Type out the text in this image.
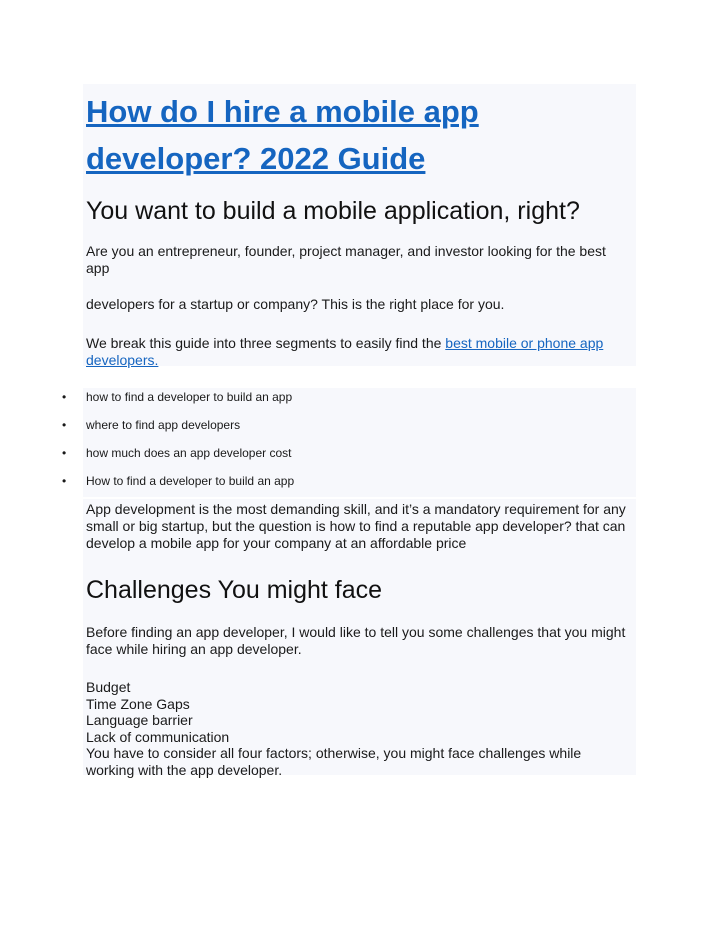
How do I hire a mobile app developer? 2022 Guide
You want to build a mobile application, right?

Are you an entrepreneur, founder, project manager, and investor looking for the best app

developers for a startup or company? This is the right place for you.

We break this guide into three segments to easily find the best mobile or phone app developers.

• how to find a developer to build an app
• where to find app developers
• how much does an app developer cost
• How to find a developer to build an app

App development is the most demanding skill, and it’s a mandatory requirement for any small or big startup, but the question is how to find a reputable app developer? that can develop a mobile app for your company at an affordable price

Challenges You might face

Before finding an app developer, I would like to tell you some challenges that you might face while hiring an app developer.

Budget
Time Zone Gaps
Language barrier
Lack of communication
You have to consider all four factors; otherwise, you might face challenges while working with the app developer.
